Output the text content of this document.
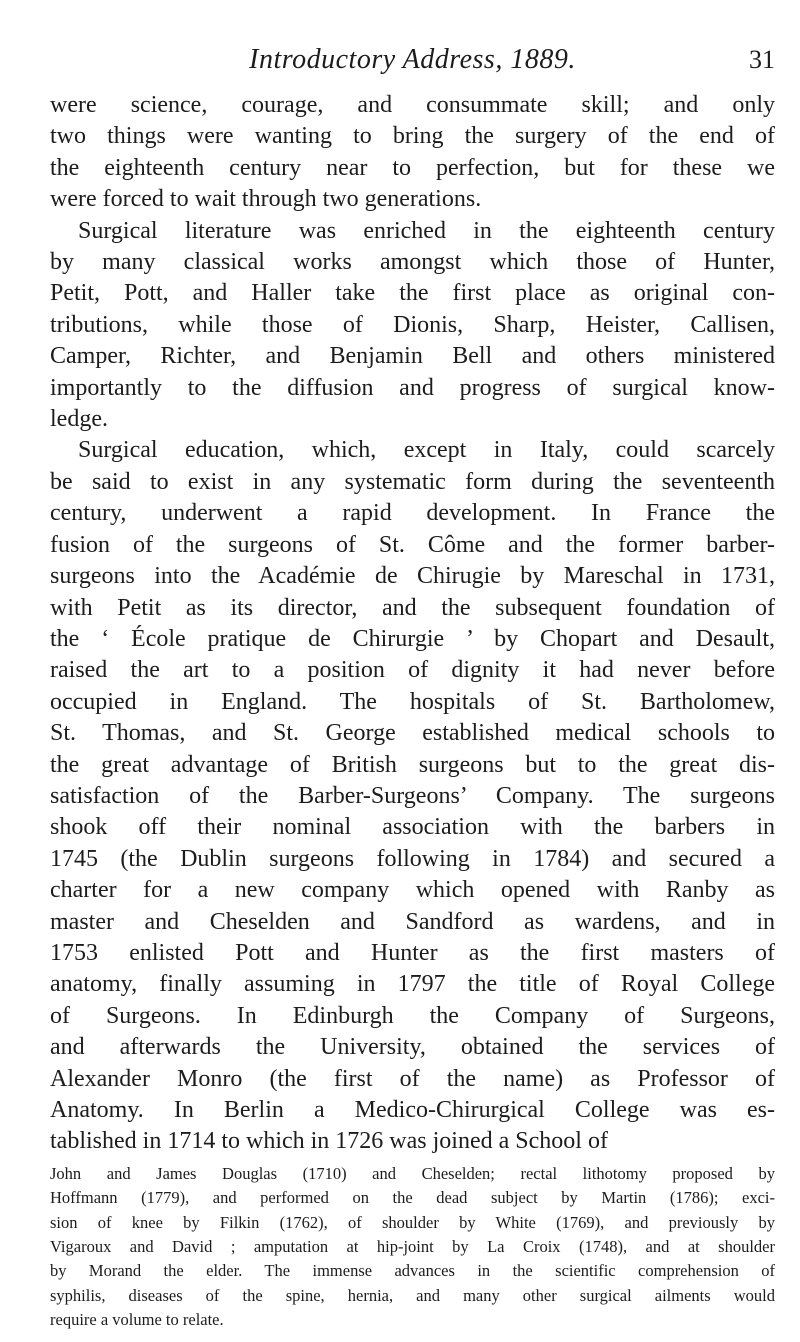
Introductory Address, 1889.	31

were science, courage, and consummate skill; and only
two things were wanting to bring the surgery of the end of
the eighteenth century near to perfection, but for these we
were forced to wait through two generations.

Surgical literature was enriched in the eighteenth century
by many classical works amongst which those of Hunter,
Petit, Pott, and Haller take the first place as original con-
tributions, while those of Dionis, Sharp, Heister, Callisen,
Camper, Richter, and Benjamin Bell and others ministered
importantly to the diffusion and progress of surgical know-
ledge.

Surgical education, which, except in Italy, could scarcely
be said to exist in any systematic form during the seventeenth
century, underwent a rapid development. In France the
fusion of the surgeons of St. Côme and the former barber-
surgeons into the Académie de Chirugie by Mareschal in 1731,
with Petit as its director, and the subsequent foundation of
the ‘ École pratique de Chirurgie ’ by Chopart and Desault,
raised the art to a position of dignity it had never before
occupied in England. The hospitals of St. Bartholomew,
St. Thomas, and St. George established medical schools to
the great advantage of British surgeons but to the great dis-
satisfaction of the Barber-Surgeons’ Company. The surgeons
shook off their nominal association with the barbers in
1745 (the Dublin surgeons following in 1784) and secured a
charter for a new company which opened with Ranby as
master and Cheselden and Sandford as wardens, and in
1753 enlisted Pott and Hunter as the first masters of
anatomy, finally assuming in 1797 the title of Royal College
of Surgeons. In Edinburgh the Company of Surgeons,
and afterwards the University, obtained the services of
Alexander Monro (the first of the name) as Professor of
Anatomy. In Berlin a Medico-Chirurgical College was es-
tablished in 1714 to which in 1726 was joined a School of

John and James Douglas (1710) and Cheselden; rectal lithotomy proposed by
Hoffmann (1779), and performed on the dead subject by Martin (1786); exci-
sion of knee by Filkin (1762), of shoulder by White (1769), and previously by
Vigaroux and David ; amputation at hip-joint by La Croix (1748), and at shoulder
by Morand the elder. The immense advances in the scientific comprehension of
syphilis, diseases of the spine, hernia, and many other surgical ailments would
require a volume to relate.
